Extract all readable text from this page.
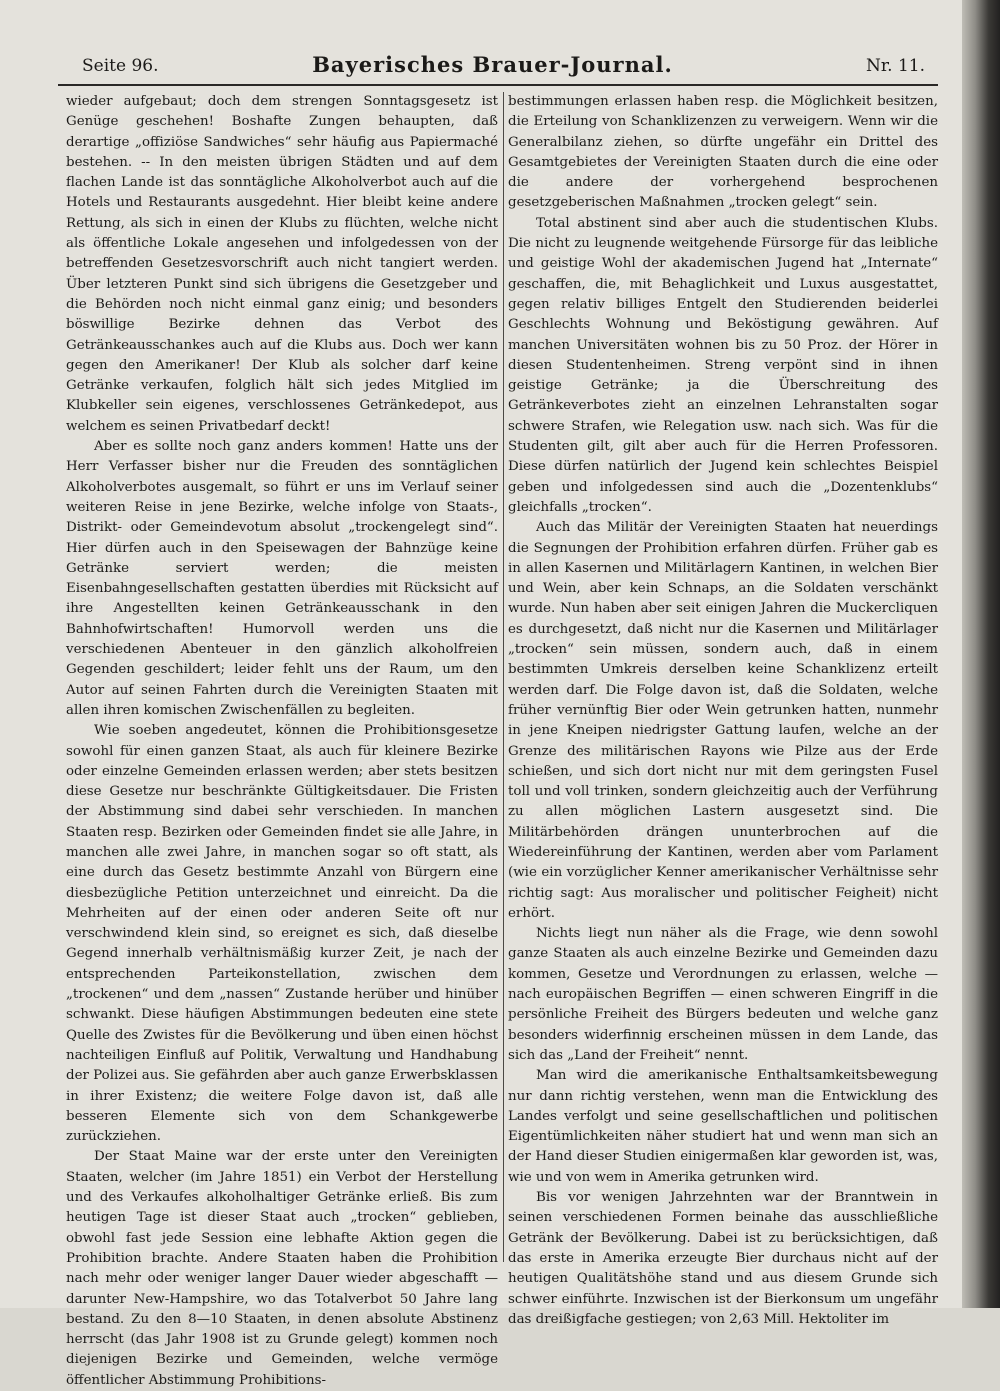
Seite 96.	Bayerisches Brauer-Journal.	Nr. 11.

wieder aufgebaut; doch dem strengen Sonntagsgesetz ist Genüge geschehen! Boshafte Zungen behaupten, daß derartige „offiziöse Sandwiches“ sehr häufig aus Papiermaché bestehen. -- In den meisten übrigen Städten und auf dem flachen Lande ist das sonntägliche Alkoholverbot auch auf die Hotels und Restaurants ausgedehnt. Hier bleibt keine andere Rettung, als sich in einen der Klubs zu flüchten, welche nicht als öffentliche Lokale angesehen und infolgedessen von der betreffenden Gesetzesvorschrift auch nicht tangiert werden. Über letzteren Punkt sind sich übrigens die Gesetzgeber und die Behörden noch nicht einmal ganz einig; und besonders böswillige Bezirke dehnen das Verbot des Getränkeausschankes auch auf die Klubs aus. Doch wer kann gegen den Amerikaner! Der Klub als solcher darf keine Getränke verkaufen, folglich hält sich jedes Mitglied im Klubkeller sein eigenes, verschlossenes Getränkedepot, aus welchem es seinen Privatbedarf deckt!

Aber es sollte noch ganz anders kommen! Hatte uns der Herr Verfasser bisher nur die Freuden des sonntäglichen Alkoholverbotes ausgemalt, so führt er uns im Verlauf seiner weiteren Reise in jene Bezirke, welche infolge von Staats-, Distrikt- oder Gemeindevotum absolut „trockengelegt sind“. Hier dürfen auch in den Speisewagen der Bahnzüge keine Getränke serviert werden; die meisten Eisenbahngesellschaften gestatten überdies mit Rücksicht auf ihre Angestellten keinen Getränkeausschank in den Bahnhofwirtschaften! Humorvoll werden uns die verschiedenen Abenteuer in den gänzlich alkoholfreien Gegenden geschildert; leider fehlt uns der Raum, um den Autor auf seinen Fahrten durch die Vereinigten Staaten mit allen ihren komischen Zwischenfällen zu begleiten.

Wie soeben angedeutet, können die Prohibitionsgesetze sowohl für einen ganzen Staat, als auch für kleinere Bezirke oder einzelne Gemeinden erlassen werden; aber stets besitzen diese Gesetze nur beschränkte Gültigkeitsdauer. Die Fristen der Abstimmung sind dabei sehr verschieden. In manchen Staaten resp. Bezirken oder Gemeinden findet sie alle Jahre, in manchen alle zwei Jahre, in manchen sogar so oft statt, als eine durch das Gesetz bestimmte Anzahl von Bürgern eine diesbezügliche Petition unterzeichnet und einreicht. Da die Mehrheiten auf der einen oder anderen Seite oft nur verschwindend klein sind, so ereignet es sich, daß dieselbe Gegend innerhalb verhältnismäßig kurzer Zeit, je nach der entsprechenden Parteikonstellation, zwischen dem „trockenen“ und dem „nassen“ Zustande herüber und hinüber schwankt. Diese häufigen Abstimmungen bedeuten eine stete Quelle des Zwistes für die Bevölkerung und üben einen höchst nachteiligen Einfluß auf Politik, Verwaltung und Handhabung der Polizei aus. Sie gefährden aber auch ganze Erwerbsklassen in ihrer Existenz; die weitere Folge davon ist, daß alle besseren Elemente sich von dem Schankgewerbe zurückziehen.

Der Staat Maine war der erste unter den Vereinigten Staaten, welcher (im Jahre 1851) ein Verbot der Herstellung und des Verkaufes alkoholhaltiger Getränke erließ. Bis zum heutigen Tage ist dieser Staat auch „trocken“ geblieben, obwohl fast jede Session eine lebhafte Aktion gegen die Prohibition brachte. Andere Staaten haben die Prohibition nach mehr oder weniger langer Dauer wieder abgeschafft — darunter New-Hampshire, wo das Totalverbot 50 Jahre lang bestand. Zu den 8—10 Staaten, in denen absolute Abstinenz herrscht (das Jahr 1908 ist zu Grunde gelegt) kommen noch diejenigen Bezirke und Gemeinden, welche vermöge öffentlicher Abstimmung Prohibitions-

bestimmungen erlassen haben resp. die Möglichkeit besitzen, die Erteilung von Schanklizenzen zu verweigern. Wenn wir die Generalbilanz ziehen, so dürfte ungefähr ein Drittel des Gesamtgebietes der Vereinigten Staaten durch die eine oder die andere der vorhergehend besprochenen gesetzgeberischen Maßnahmen „trocken gelegt“ sein.

Total abstinent sind aber auch die studentischen Klubs. Die nicht zu leugnende weitgehende Fürsorge für das leibliche und geistige Wohl der akademischen Jugend hat „Internate“ geschaffen, die, mit Behaglichkeit und Luxus ausgestattet, gegen relativ billiges Entgelt den Studierenden beiderlei Geschlechts Wohnung und Beköstigung gewähren. Auf manchen Universitäten wohnen bis zu 50 Proz. der Hörer in diesen Studentenheimen. Streng verpönt sind in ihnen geistige Getränke; ja die Überschreitung des Getränkeverbotes zieht an einzelnen Lehranstalten sogar schwere Strafen, wie Relegation usw. nach sich. Was für die Studenten gilt, gilt aber auch für die Herren Professoren. Diese dürfen natürlich der Jugend kein schlechtes Beispiel geben und infolgedessen sind auch die „Dozentenklubs“ gleichfalls „trocken“.

Auch das Militär der Vereinigten Staaten hat neuerdings die Segnungen der Prohibition erfahren dürfen. Früher gab es in allen Kasernen und Militärlagern Kantinen, in welchen Bier und Wein, aber kein Schnaps, an die Soldaten verschänkt wurde. Nun haben aber seit einigen Jahren die Muckercliquen es durchgesetzt, daß nicht nur die Kasernen und Militärlager „trocken“ sein müssen, sondern auch, daß in einem bestimmten Umkreis derselben keine Schanklizenz erteilt werden darf. Die Folge davon ist, daß die Soldaten, welche früher vernünftig Bier oder Wein getrunken hatten, nunmehr in jene Kneipen niedrigster Gattung laufen, welche an der Grenze des militärischen Rayons wie Pilze aus der Erde schießen, und sich dort nicht nur mit dem geringsten Fusel toll und voll trinken, sondern gleichzeitig auch der Verführung zu allen möglichen Lastern ausgesetzt sind. Die Militärbehörden drängen ununterbrochen auf die Wiedereinführung der Kantinen, werden aber vom Parlament (wie ein vorzüglicher Kenner amerikanischer Verhältnisse sehr richtig sagt: Aus moralischer und politischer Feigheit) nicht erhört.

Nichts liegt nun näher als die Frage, wie denn sowohl ganze Staaten als auch einzelne Bezirke und Gemeinden dazu kommen, Gesetze und Verordnungen zu erlassen, welche — nach europäischen Begriffen — einen schweren Eingriff in die persönliche Freiheit des Bürgers bedeuten und welche ganz besonders widerfinnig erscheinen müssen in dem Lande, das sich das „Land der Freiheit“ nennt.

Man wird die amerikanische Enthaltsamkeitsbewegung nur dann richtig verstehen, wenn man die Entwicklung des Landes verfolgt und seine gesellschaftlichen und politischen Eigentümlichkeiten näher studiert hat und wenn man sich an der Hand dieser Studien einigermaßen klar geworden ist, was, wie und von wem in Amerika getrunken wird.

Bis vor wenigen Jahrzehnten war der Branntwein in seinen verschiedenen Formen beinahe das ausschließliche Getränk der Bevölkerung. Dabei ist zu berücksichtigen, daß das erste in Amerika erzeugte Bier durchaus nicht auf der heutigen Qualitätshöhe stand und aus diesem Grunde sich schwer einführte. Inzwischen ist der Bierkonsum um ungefähr das dreißigfache gestiegen; von 2,63 Mill. Hektoliter im
